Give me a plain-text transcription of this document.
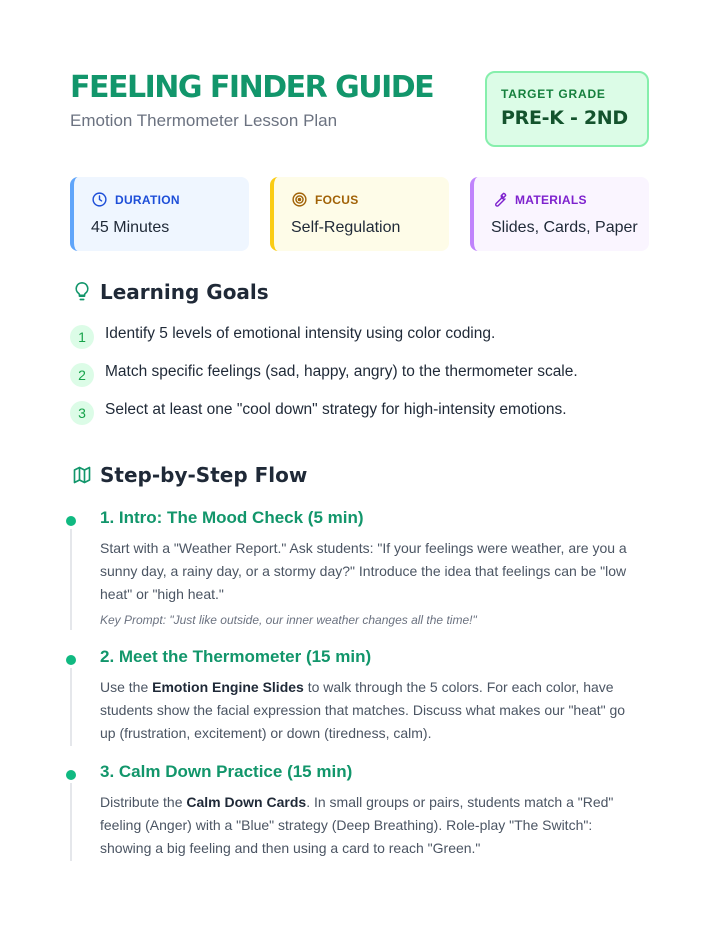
FEELING FINDER GUIDE
Emotion Thermometer Lesson Plan
TARGET GRADE
PRE-K - 2ND
DURATION
45 Minutes
FOCUS
Self-Regulation
MATERIALS
Slides, Cards, Paper
Learning Goals
1	Identify 5 levels of emotional intensity using color coding.
2	Match specific feelings (sad, happy, angry) to the thermometer scale.
3	Select at least one "cool down" strategy for high-intensity emotions.
Step-by-Step Flow
1. Intro: The Mood Check (5 min)
Start with a "Weather Report." Ask students: "If your feelings were weather, are you a
sunny day, a rainy day, or a stormy day?" Introduce the idea that feelings can be "low
heat" or "high heat."
Key Prompt: "Just like outside, our inner weather changes all the time!"
2. Meet the Thermometer (15 min)
Use the Emotion Engine Slides to walk through the 5 colors. For each color, have
students show the facial expression that matches. Discuss what makes our "heat" go
up (frustration, excitement) or down (tiredness, calm).
3. Calm Down Practice (15 min)
Distribute the Calm Down Cards. In small groups or pairs, students match a "Red"
feeling (Anger) with a "Blue" strategy (Deep Breathing). Role-play "The Switch":
showing a big feeling and then using a card to reach "Green."
